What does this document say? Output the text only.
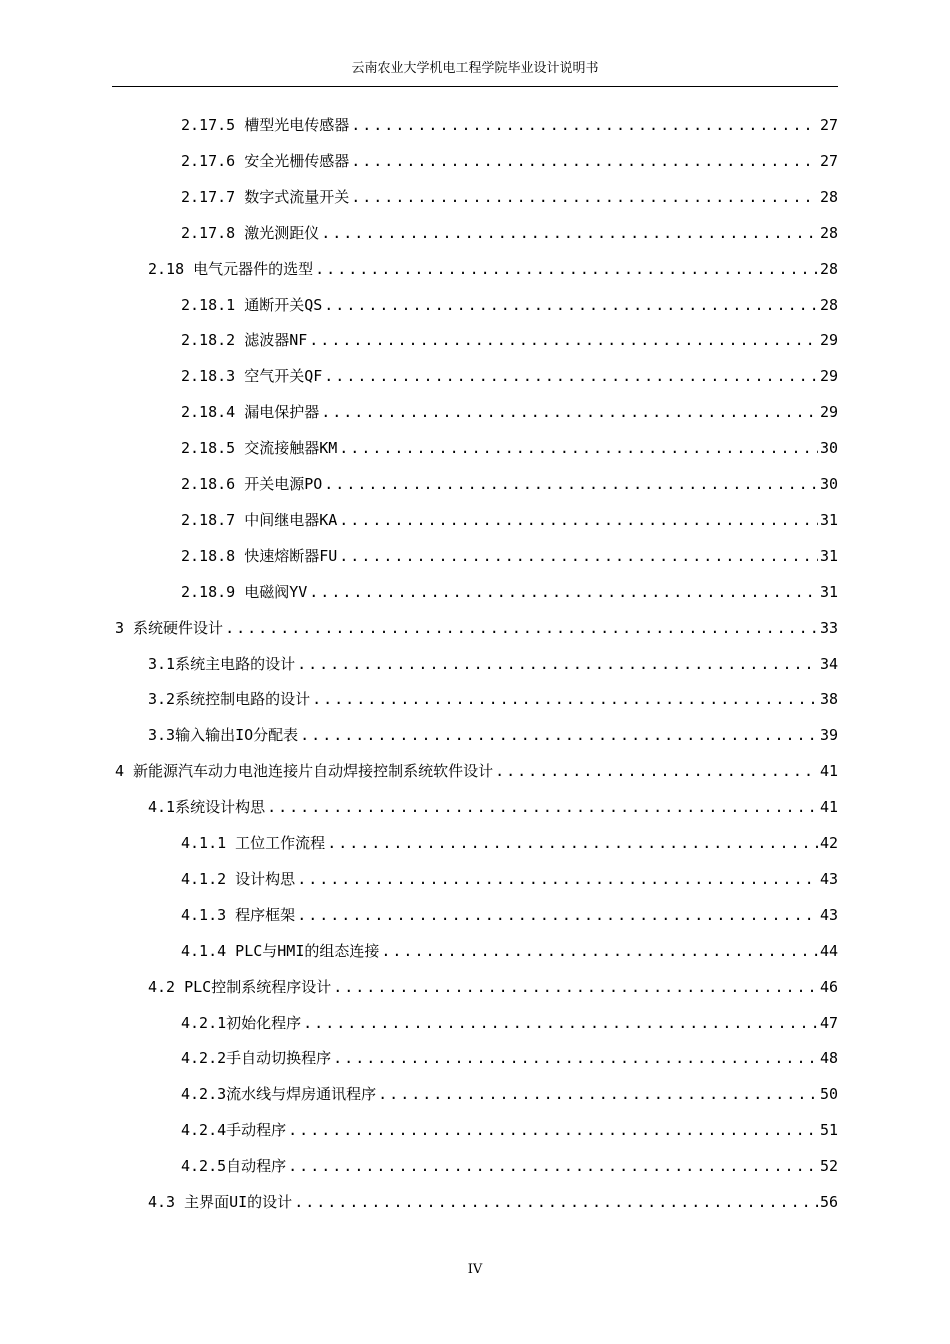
云南农业大学机电工程学院毕业设计说明书
2.17.5 槽型光电传感器 .....	27
2.17.6 安全光栅传感器 .....	27
2.17.7 数字式流量开关 .....	28
2.17.8 激光测距仪 .....	28
2.18 电气元器件的选型 .....	28
2.18.1 通断开关QS .....	28
2.18.2 滤波器NF .....	29
2.18.3 空气开关QF .....	29
2.18.4 漏电保护器 .....	29
2.18.5 交流接触器KM .....	30
2.18.6 开关电源PO .....	30
2.18.7 中间继电器KA .....	31
2.18.8 快速熔断器FU .....	31
2.18.9 电磁阀YV .....	31
3 系统硬件设计 .....	33
3.1系统主电路的设计 .....	34
3.2系统控制电路的设计 .....	38
3.3输入输出IO分配表 .....	39
4 新能源汽车动力电池连接片自动焊接控制系统软件设计 .....	41
4.1系统设计构思 .....	41
4.1.1 工位工作流程 .....	42
4.1.2 设计构思 .....	43
4.1.3 程序框架 .....	43
4.1.4 PLC与HMI的组态连接 .....	44
4.2 PLC控制系统程序设计 .....	46
4.2.1初始化程序 .....	47
4.2.2手自动切换程序 .....	48
4.2.3流水线与焊房通讯程序 .....	50
4.2.4手动程序 .....	51
4.2.5自动程序 .....	52
4.3 主界面UI的设计 .....	56
IV
